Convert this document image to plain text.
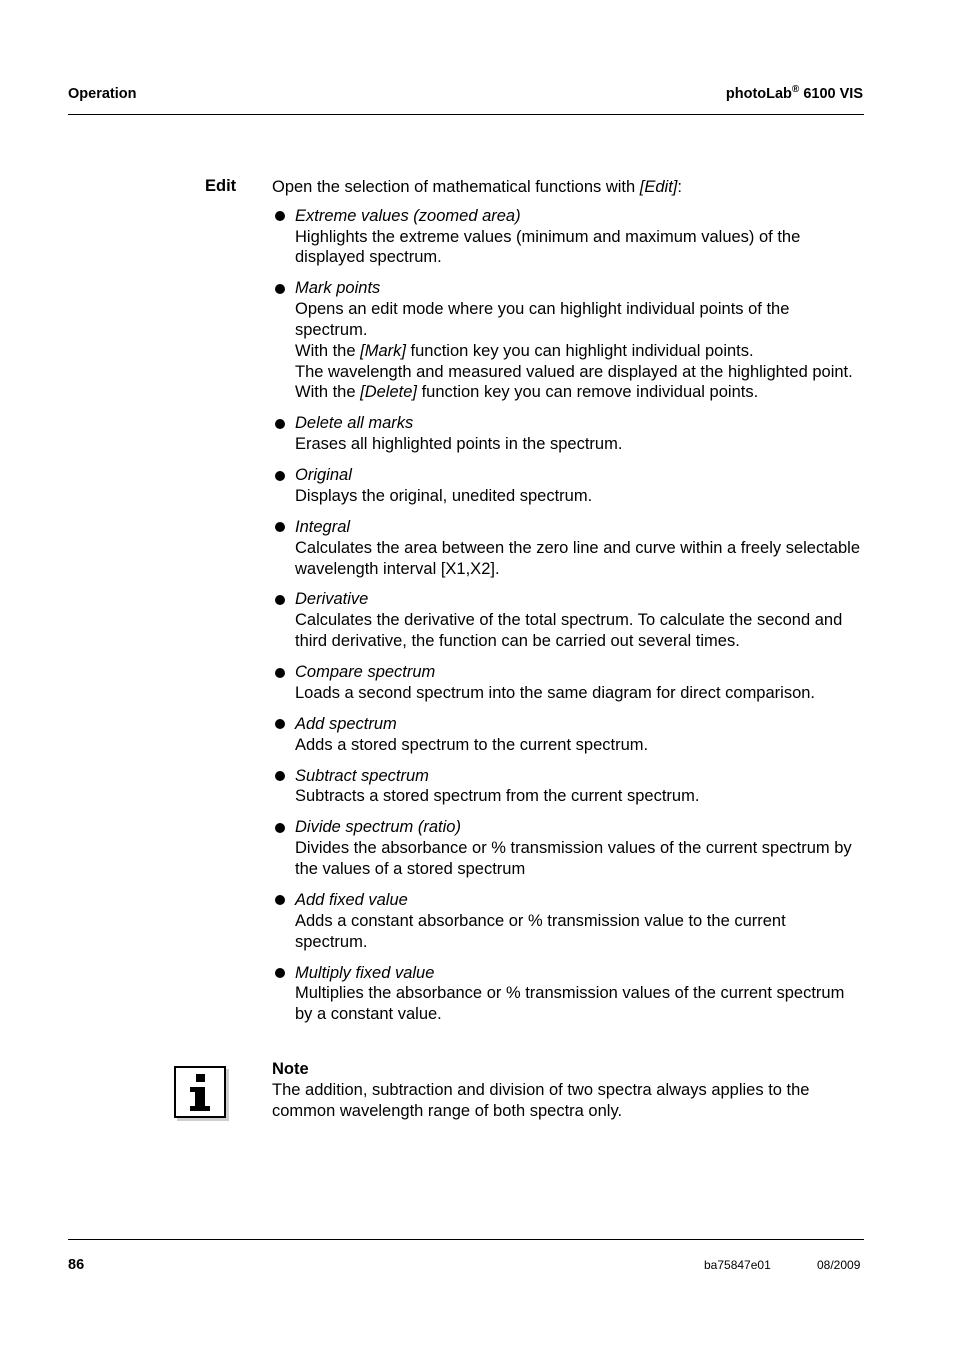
Operation	photoLab® 6100 VIS
Edit Open the selection of mathematical functions with [Edit]:

Extreme values (zoomed area)
Highlights the extreme values (minimum and maximum values) of the displayed spectrum.
Mark points
Opens an edit mode where you can highlight individual points of the spectrum.
With the [Mark] function key you can highlight individual points.
The wavelength and measured valued are displayed at the highlighted point.
With the [Delete] function key you can remove individual points.
Delete all marks
Erases all highlighted points in the spectrum.
Original
Displays the original, unedited spectrum.
Integral
Calculates the area between the zero line and curve within a freely selectable wavelength interval [X1,X2].
Derivative
Calculates the derivative of the total spectrum. To calculate the second and third derivative, the function can be carried out several times.
Compare spectrum
Loads a second spectrum into the same diagram for direct comparison.
Add spectrum
Adds a stored spectrum to the current spectrum.
Subtract spectrum
Subtracts a stored spectrum from the current spectrum.
Divide spectrum (ratio)
Divides the absorbance or % transmission values of the current spectrum by the values of a stored spectrum
Add fixed value
Adds a constant absorbance or % transmission value to the current spectrum.
Multiply fixed value
Multiplies the absorbance or % transmission values of the current spectrum by a constant value.
Note
The addition, subtraction and division of two spectra always applies to the common wavelength range of both spectra only.
86	ba75847e01	08/2009
